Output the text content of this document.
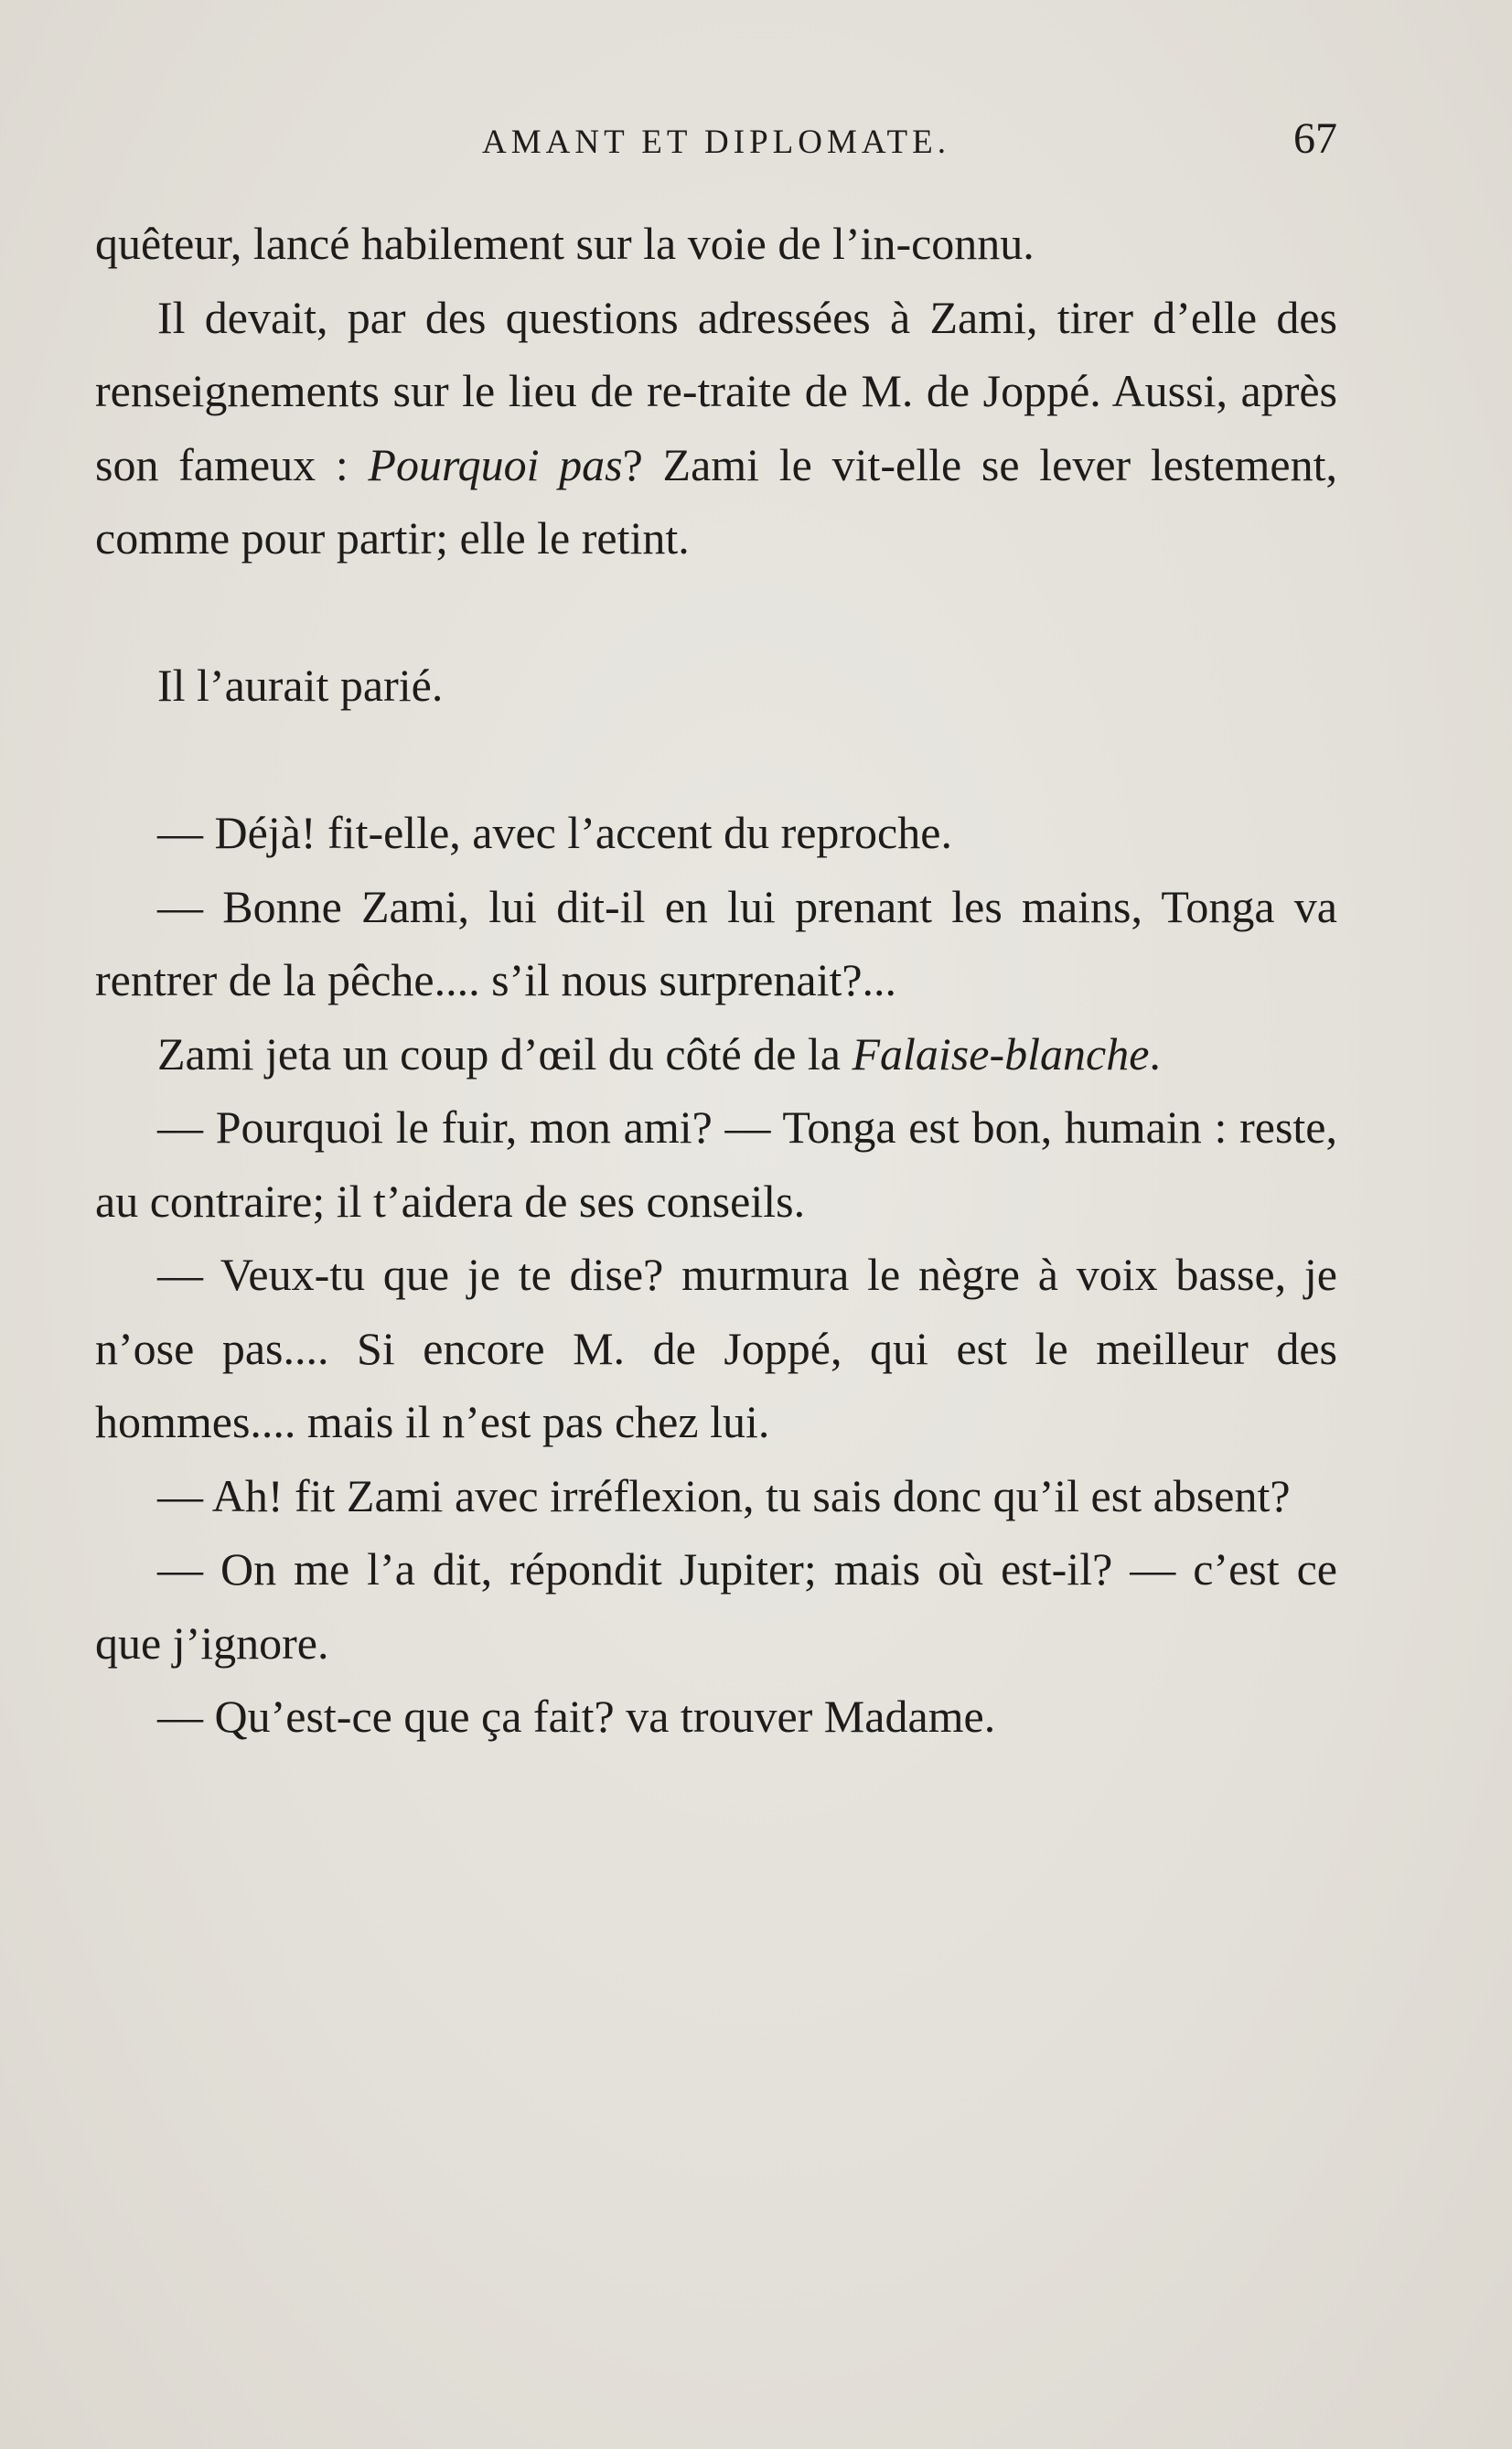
AMANT ET DIPLOMATE.	67

quêteur, lancé habilement sur la voie de l’in-connu.

Il devait, par des questions adressées à Zami, tirer d’elle des renseignements sur le lieu de re-traite de M. de Joppé. Aussi, après son fameux : Pourquoi pas? Zami le vit-elle se lever lestement, comme pour partir; elle le retint.

Il l’aurait parié.

— Déjà! fit-elle, avec l’accent du reproche.

— Bonne Zami, lui dit-il en lui prenant les mains, Tonga va rentrer de la pêche.... s’il nous surprenait?...

Zami jeta un coup d’œil du côté de la Falaise-blanche.

— Pourquoi le fuir, mon ami? — Tonga est bon, humain : reste, au contraire; il t’aidera de ses conseils.

— Veux-tu que je te dise? murmura le nègre à voix basse, je n’ose pas.... Si encore M. de Joppé, qui est le meilleur des hommes.... mais il n’est pas chez lui.

— Ah! fit Zami avec irréflexion, tu sais donc qu’il est absent?

— On me l’a dit, répondit Jupiter; mais où est-il? — c’est ce que j’ignore.

— Qu’est-ce que ça fait? va trouver Madame.
